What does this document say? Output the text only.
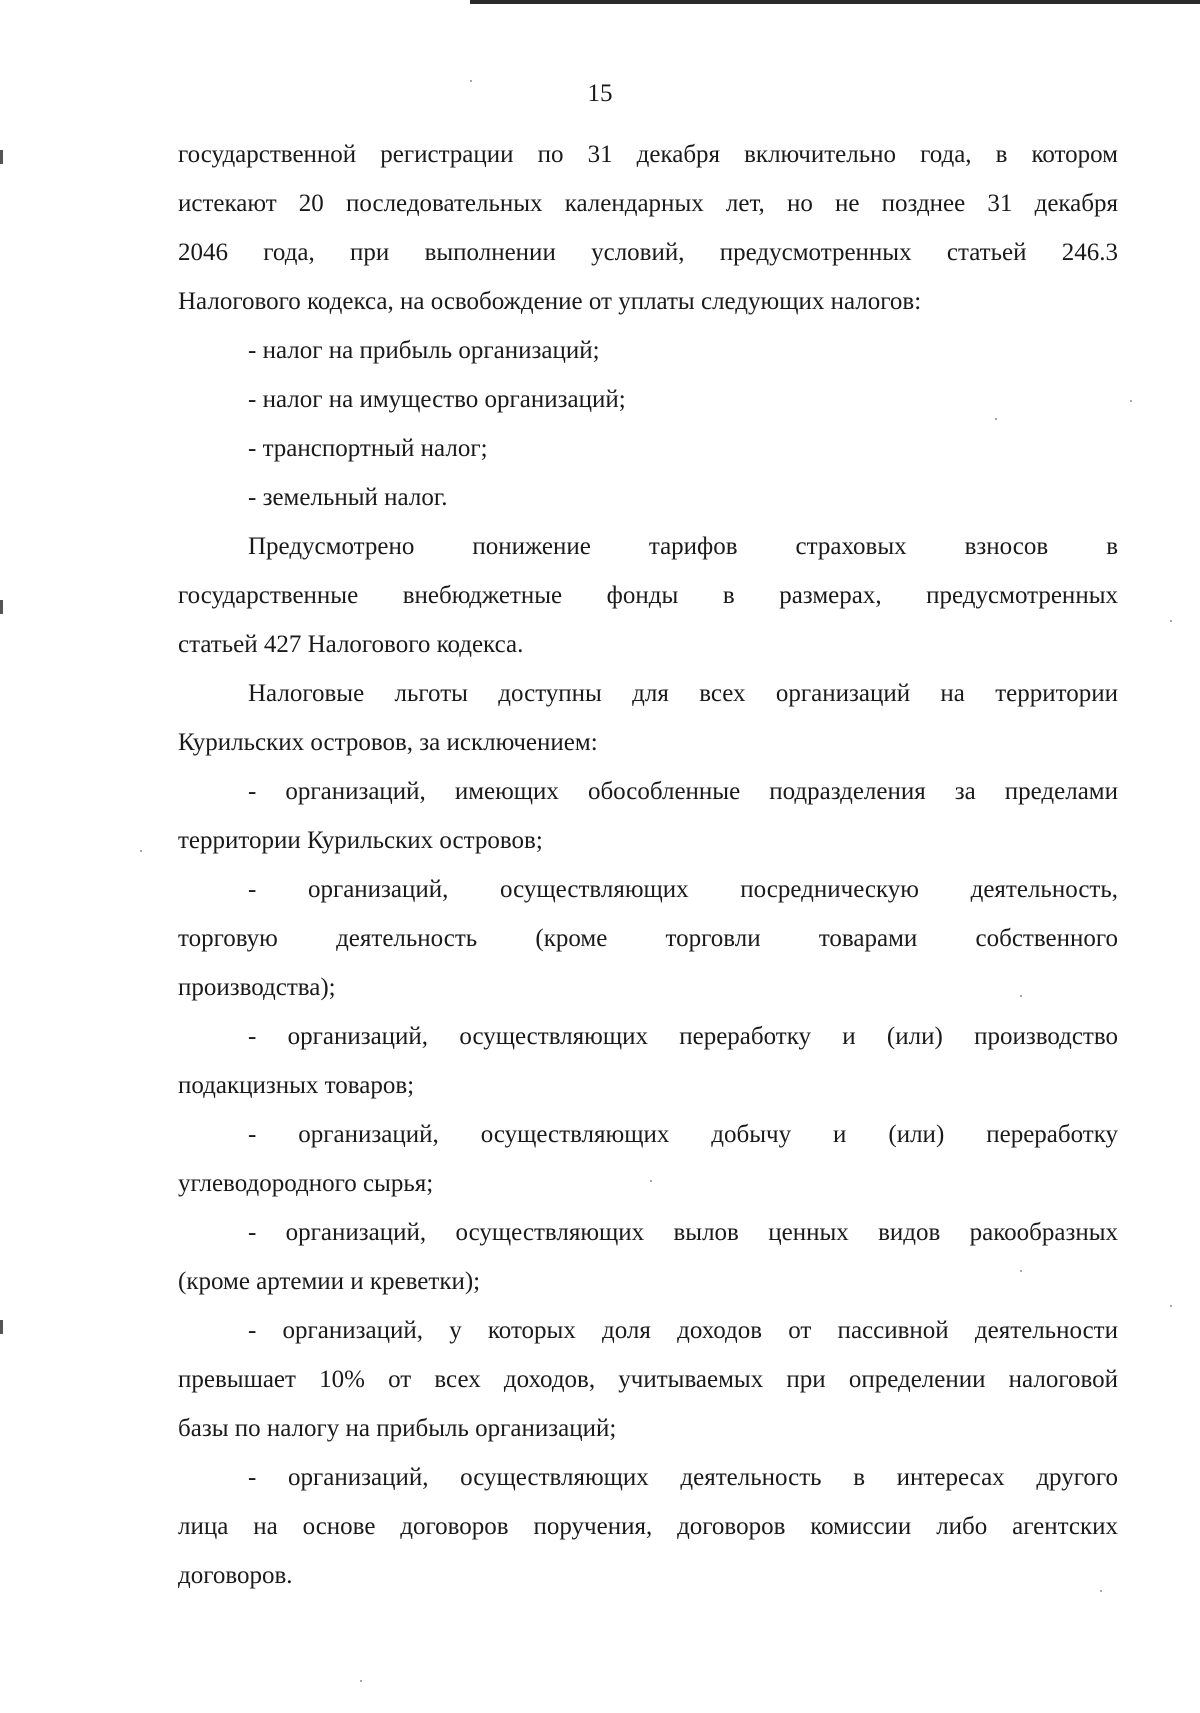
15

государственной регистрации по 31 декабря включительно года, в котором

истекают 20 последовательных календарных лет, но не позднее 31 декабря

2046 года, при выполнении условий, предусмотренных статьей 246.3

Налогового кодекса, на освобождение от уплаты следующих налогов:

- налог на прибыль организаций;

- налог на имущество организаций;

- транспортный налог;

- земельный налог.

Предусмотрено понижение тарифов страховых взносов в

государственные внебюджетные фонды в размерах, предусмотренных

статьей 427 Налогового кодекса.

Налоговые льготы доступны для всех организаций на территории

Курильских островов, за исключением:

- организаций, имеющих обособленные подразделения за пределами

территории Курильских островов;

- организаций, осуществляющих посредническую деятельность,

торговую деятельность (кроме торговли товарами собственного

производства);

- организаций, осуществляющих переработку и (или) производство

подакцизных товаров;

- организаций, осуществляющих добычу и (или) переработку

углеводородного сырья;

- организаций, осуществляющих вылов ценных видов ракообразных

(кроме артемии и креветки);

- организаций, у которых доля доходов от пассивной деятельности

превышает 10% от всех доходов, учитываемых при определении налоговой

базы по налогу на прибыль организаций;

- организаций, осуществляющих деятельность в интересах другого

лица на основе договоров поручения, договоров комиссии либо агентских

договоров.
